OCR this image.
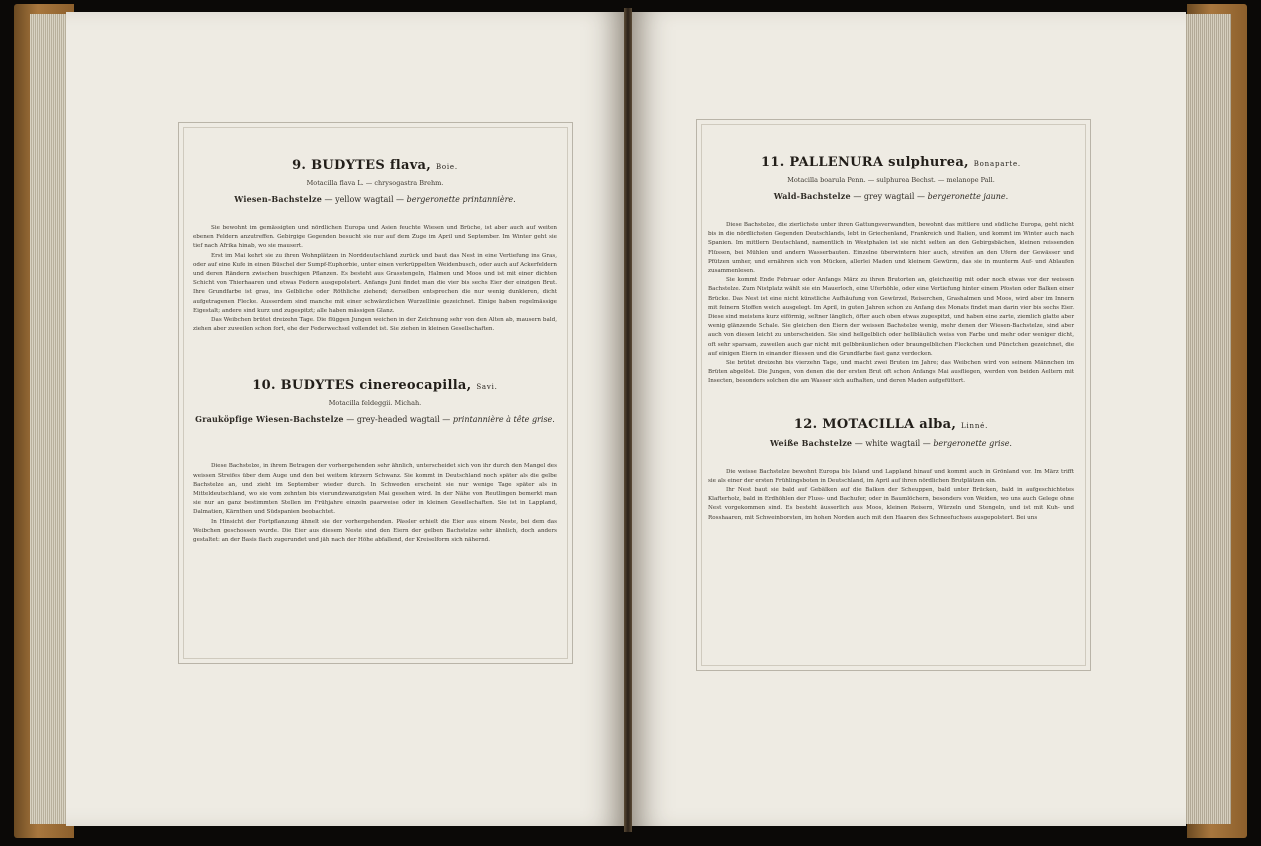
9. BUDYTES flava, Boie.
Motacilla flava L. — chrysogastra Brehm.
Wiesen-Bachstelze — yellow wagtail — bergeronette printannière.

Sie bewohnt im gemässigten und nördlichen Europa und Asien feuchte Wiesen und Brüche, ist aber auch auf weiten ebenen Feldern anzutreffen. Gebirgige Gegenden besucht sie nur auf dem Zuge im April und September. Im Winter geht sie tief nach Afrika hinab, wo sie mausert.

Erst im Mai kehrt sie zu ihren Wohnplätzen in Norddeutschland zurück und baut das Nest in eine Vertiefung ins Gras, oder auf eine Kufe in einen Büschel der Sumpf-Euphorbie, unter einen verkrüppelten Weidenbusch, oder auch auf Ackerfeldern und deren Rändern zwischen buschigen Pflanzen. Es besteht aus Grasstengeln, Halmen und Moos und ist mit einer dichten Schicht von Thierhaaren und etwas Federn ausgepolstert. Anfangs Juni findet man die vier bis sechs Eier der einzigen Brut. Ihre Grundfarbe ist grau, ins Gelbliche oder Röthliche ziehend; derselben entsprechen die nur wenig dunkleren, dicht aufgetragenen Flecke. Ausserdem sind manche mit einer schwärzlichen Wurzellinie gezeichnet. Einige haben regelmässige Eigestalt; andere sind kurz und zugespitzt; alle haben mässigen Glanz.

Das Weibchen brütet dreizehn Tage. Die flüggen Jungen weichen in der Zeichnung sehr von den Alten ab, mausern bald, ziehen aber zuweilen schon fort, ehe der Federwechsel vollendet ist. Sie ziehen in kleinen Gesellschaften.

10. BUDYTES cinereocapilla, Savi.
Motacilla feldeggii. Michah.
Grauköpfige Wiesen-Bachstelze — grey-headed wagtail — printannière à tête grise.

Diese Bachstelze, in ihrem Betragen der vorhergehenden sehr ähnlich, unterscheidet sich von ihr durch den Mangel des weissen Streifes über dem Auge und den bei weitem kürzern Schwanz. Sie kommt in Deutschland noch später als die gelbe Bachstelze an, und zieht im September wieder durch. In Schweden erscheint sie nur wenige Tage später als in Mitteldeutschland, wo sie vom zehnten bis vierundzwanzigsten Mai gesehen wird. In der Nähe von Reutlingen bemerkt man sie nur an ganz bestimmten Stellen im Frühjahre einzeln paarweise oder in kleinen Gesellschaften. Sie ist in Lappland, Dalmatien, Kärnthen und Südspanien beobachtet.

In Hinsicht der Fortpflanzung ähnelt sie der vorhergehenden. Pässler erhielt die Eier aus einem Neste, bei dem das Weibchen geschossen wurde. Die Eier aus diesem Neste sind den Eiern der gelben Bachstelze sehr ähnlich, doch anders gestaltet: an der Basis flach zugerundet und jäh nach der Höhe abfallend, der Kreiselform sich nähernd.

11. PALLENURA sulphurea, Bonaparte.
Motacilla boarula Penn. — sulphurea Bechst. — melanope Pall.
Wald-Bachstelze — grey wagtail — bergeronette jaune.

Diese Bachstelze, die zierlichste unter ihren Gattungsverwandten, bewohnt das mittlere und südliche Europa, geht nicht bis in die nördlichsten Gegenden Deutschlands, lebt in Griechenland, Frankreich und Italien, und kommt im Winter auch nach Spanien. Im mittlern Deutschland, namentlich in Westphalen ist sie nicht selten an den Gebirgsbächen, kleinen reissenden Flüssen, bei Mühlen und andern Wasserbauten. Einzelne überwintern hier auch, streifen an den Ufern der Gewässer und Pfützen umher, und ernähren sich von Mücken, allerlei Maden und kleinem Gewürm, das sie in munterm Auf- und Ablaufen zusammenlesen.

Sie kommt Ende Februar oder Anfangs März zu ihren Brutorten an, gleichzeitig mit oder noch etwas vor der weissen Bachstelze. Zum Nistplatz wählt sie ein Mauerloch, eine Uferhöhle, oder eine Vertiefung hinter einem Pfosten oder Balken einer Brücke. Das Nest ist eine nicht künstliche Aufhäufung von Gewürzel, Reiserchen, Grashalmen und Moos, wird aber im Innern mit feinern Stoffen weich ausgelegt. Im April, in guten Jahren schon zu Anfang des Monats findet man darin vier bis sechs Eier. Diese sind meistens kurz eiförmig, seltner länglich, öfter auch oben etwas zugespitzt, und haben eine zarte, ziemlich glatte aber wenig glänzende Schale. Sie gleichen den Eiern der weissen Bachstelze wenig, mehr denen der Wiesen-Bachstelze, sind aber auch von diesen leicht zu unterscheiden. Sie sind hellgelblich oder hellbläulich weiss von Farbe und mehr oder weniger dicht, oft sehr sparsam, zuweilen auch gar nicht mit gelbbräunlichen oder braungelblichen Fleckchen und Pünctchen gezeichnet, die auf einigen Eiern in einander fliessen und die Grundfarbe fast ganz verdecken.

Sie brütet dreizehn bis vierzehn Tage, und macht zwei Bruten im Jahre; das Weibchen wird von seinem Männchen im Brüten abgelöst. Die Jungen, von denen die der ersten Brut oft schon Anfangs Mai ausfliegen, werden von beiden Aeltern mit Insecten, besonders solchen die am Wasser sich aufhalten, und deren Maden aufgefüttert.

12. MOTACILLA alba, Linné.
Weiße Bachstelze — white wagtail — bergeronette grise.

Die weisse Bachstelze bewohnt Europa bis Island und Lappland hinauf und kommt auch in Grönland vor. Im März trifft sie als einer der ersten Frühlingsboten in Deutschland, im April auf ihren nördlichen Brutplätzen ein.

Ihr Nest baut sie bald auf Gebälken auf die Balken der Scheuppen, bald unter Brücken, bald in aufgeschichtetes Klafterholz, bald in Erdhöhlen der Fluss- und Bachufer, oder in Baumlöchern, besonders von Weiden, wo uns auch Gelege ohne Nest vorgekommen sind. Es besteht äusserlich aus Moos, kleinen Reisern, Würzeln und Stengeln, und ist mit Kuh- und Rosshaaren, mit Schweinborsten, im hohen Norden auch mit den Haaren des Schneefuchses ausgepolstert. Bei uns
